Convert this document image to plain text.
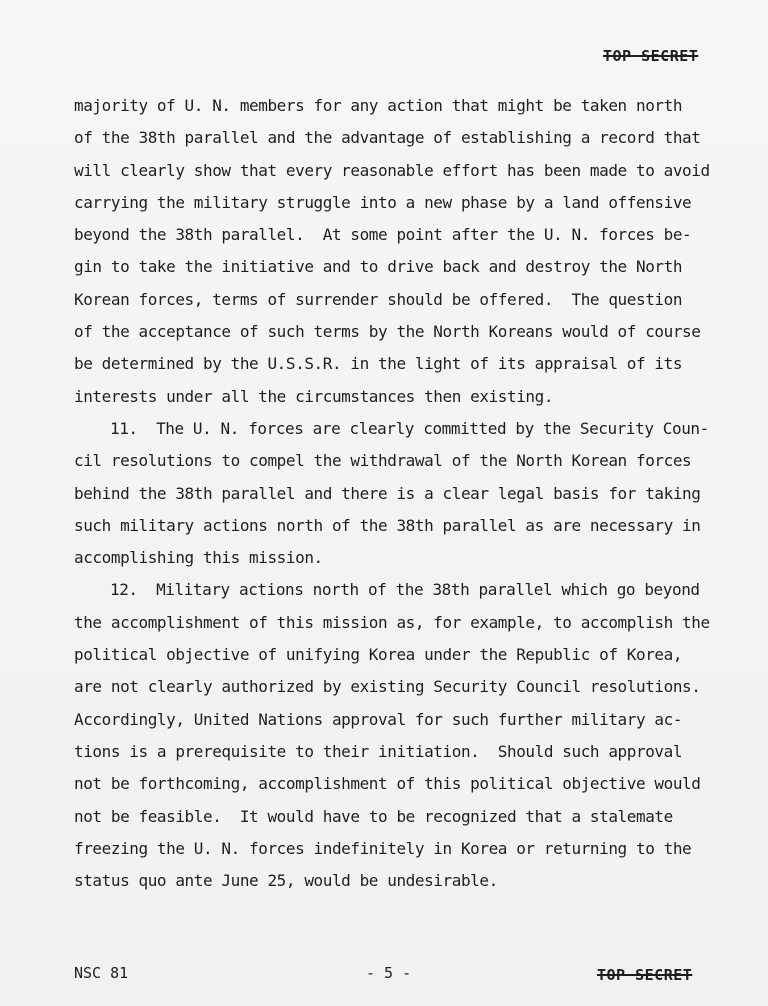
TOP SECRET
majority of U. N. members for any action that might be taken north
of the 38th parallel and the advantage of establishing a record that
will clearly show that every reasonable effort has been made to avoid
carrying the military struggle into a new phase by a land offensive
beyond the 38th parallel.  At some point after the U. N. forces be-
gin to take the initiative and to drive back and destroy the North
Korean forces, terms of surrender should be offered.  The question
of the acceptance of such terms by the North Koreans would of course
be determined by the U.S.S.R. in the light of its appraisal of its
interests under all the circumstances then existing.
11.  The U. N. forces are clearly committed by the Security Coun-
cil resolutions to compel the withdrawal of the North Korean forces
behind the 38th parallel and there is a clear legal basis for taking
such military actions north of the 38th parallel as are necessary in
accomplishing this mission.
12.  Military actions north of the 38th parallel which go beyond
the accomplishment of this mission as, for example, to accomplish the
political objective of unifying Korea under the Republic of Korea,
are not clearly authorized by existing Security Council resolutions.
Accordingly, United Nations approval for such further military ac-
tions is a prerequisite to their initiation.  Should such approval
not be forthcoming, accomplishment of this political objective would
not be feasible.  It would have to be recognized that a stalemate
freezing the U. N. forces indefinitely in Korea or returning to the
status quo ante June 25, would be undesirable.
NSC 81	- 5 -	TOP SECRET
